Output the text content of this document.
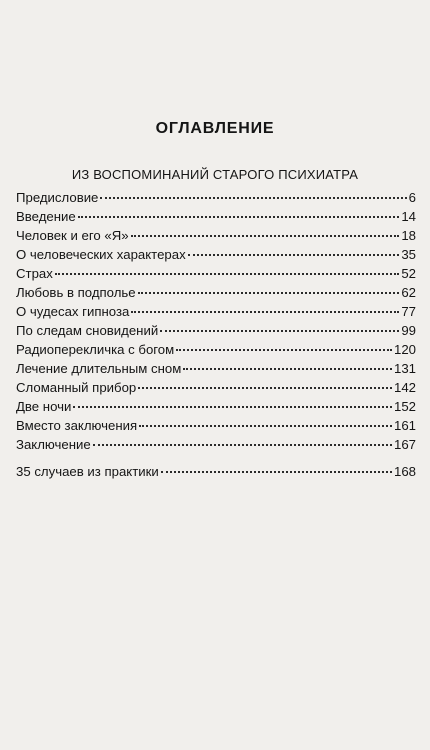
ОГЛАВЛЕНИЕ
ИЗ ВОСПОМИНАНИЙ СТАРОГО ПСИХИАТРА
Предисловие	6
Введение	14
Человек и его «Я»	18
О человеческих характерах	35
Страх	52
Любовь в подполье	62
О чудесах гипноза	77
По следам сновидений	99
Радиоперекличка с богом	120
Лечение длительным сном	131
Сломанный прибор	142
Две ночи	152
Вместо заключения	161
Заключение	167
35 случаев из практики	168
